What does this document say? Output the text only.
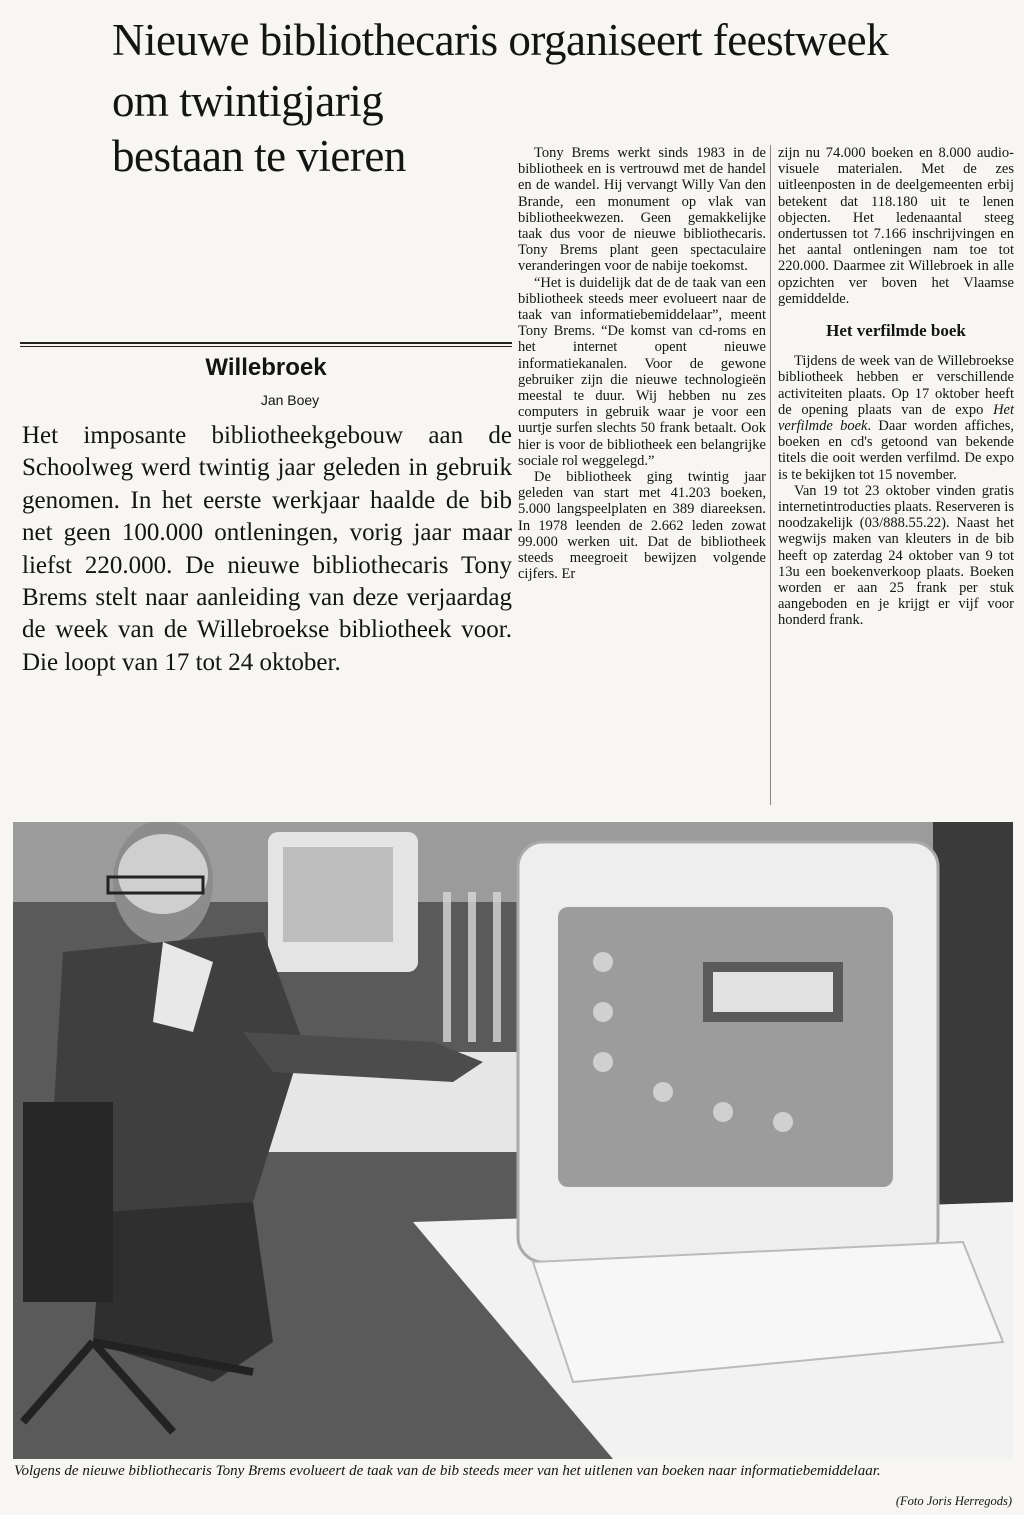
Nieuwe bibliothecaris organiseert feestweek
om twintigjarig
bestaan te vieren
Willebroek
Jan Boey

Het imposante bibliotheekgebouw aan de Schoolweg werd twintig jaar geleden in gebruik genomen. In het eerste werkjaar haalde de bib net geen 100.000 ontleningen, vorig jaar maar liefst 220.000. De nieuwe bibliothecaris Tony Brems stelt naar aanleiding van deze verjaardag de week van de Willebroekse bibliotheek voor. Die loopt van 17 tot 24 oktober.

Tony Brems werkt sinds 1983 in de bibliotheek en is vertrouwd met de handel en de wandel. Hij vervangt Willy Van den Brande, een monument op vlak van bibliotheekwezen. Geen gemakkelijke taak dus voor de nieuwe bibliothecaris. Tony Brems plant geen spectaculaire veranderingen voor de nabije toekomst.

“Het is duidelijk dat de de taak van een bibliotheek steeds meer evolueert naar de taak van informatiebemiddelaar”, meent Tony Brems. “De komst van cd-roms en het internet opent nieuwe informatiekanalen. Voor de gewone gebruiker zijn die nieuwe technologieën meestal te duur. Wij hebben nu zes computers in gebruik waar je voor een uurtje surfen slechts 50 frank betaalt. Ook hier is voor de bibliotheek een belangrijke sociale rol weggelegd.”

De bibliotheek ging twintig jaar geleden van start met 41.203 boeken, 5.000 langspeelplaten en 389 diareeksen. In 1978 leenden de 2.662 leden zowat 99.000 werken uit. Dat de bibliotheek steeds meegroeit bewijzen volgende cijfers. Er

zijn nu 74.000 boeken en 8.000 audio-visuele materialen. Met de zes uitleenposten in de deelgemeenten erbij betekent dat 118.180 uit te lenen objecten. Het ledenaantal steeg ondertussen tot 7.166 inschrijvingen en het aantal ontleningen nam toe tot 220.000. Daarmee zit Willebroek in alle opzichten ver boven het Vlaamse gemiddelde.

Het verfilmde boek

Tijdens de week van de Willebroekse bibliotheek hebben er verschillende activiteiten plaats. Op 17 oktober heeft de opening plaats van de expo Het verfilmde boek. Daar worden affiches, boeken en cd's getoond van bekende titels die ooit werden verfilmd. De expo is te bekijken tot 15 november.

Van 19 tot 23 oktober vinden gratis internetintroducties plaats. Reserveren is noodzakelijk (03/888.55.22). Naast het wegwijs maken van kleuters in de bib heeft op zaterdag 24 oktober van 9 tot 13u een boekenverkoop plaats. Boeken worden er aan 25 frank per stuk aangeboden en je krijgt er vijf voor honderd frank.

Volgens de nieuwe bibliothecaris Tony Brems evolueert de taak van de bib steeds meer van het uitlenen van boeken naar informatiebemiddelaar.

(Foto Joris Herregods)
